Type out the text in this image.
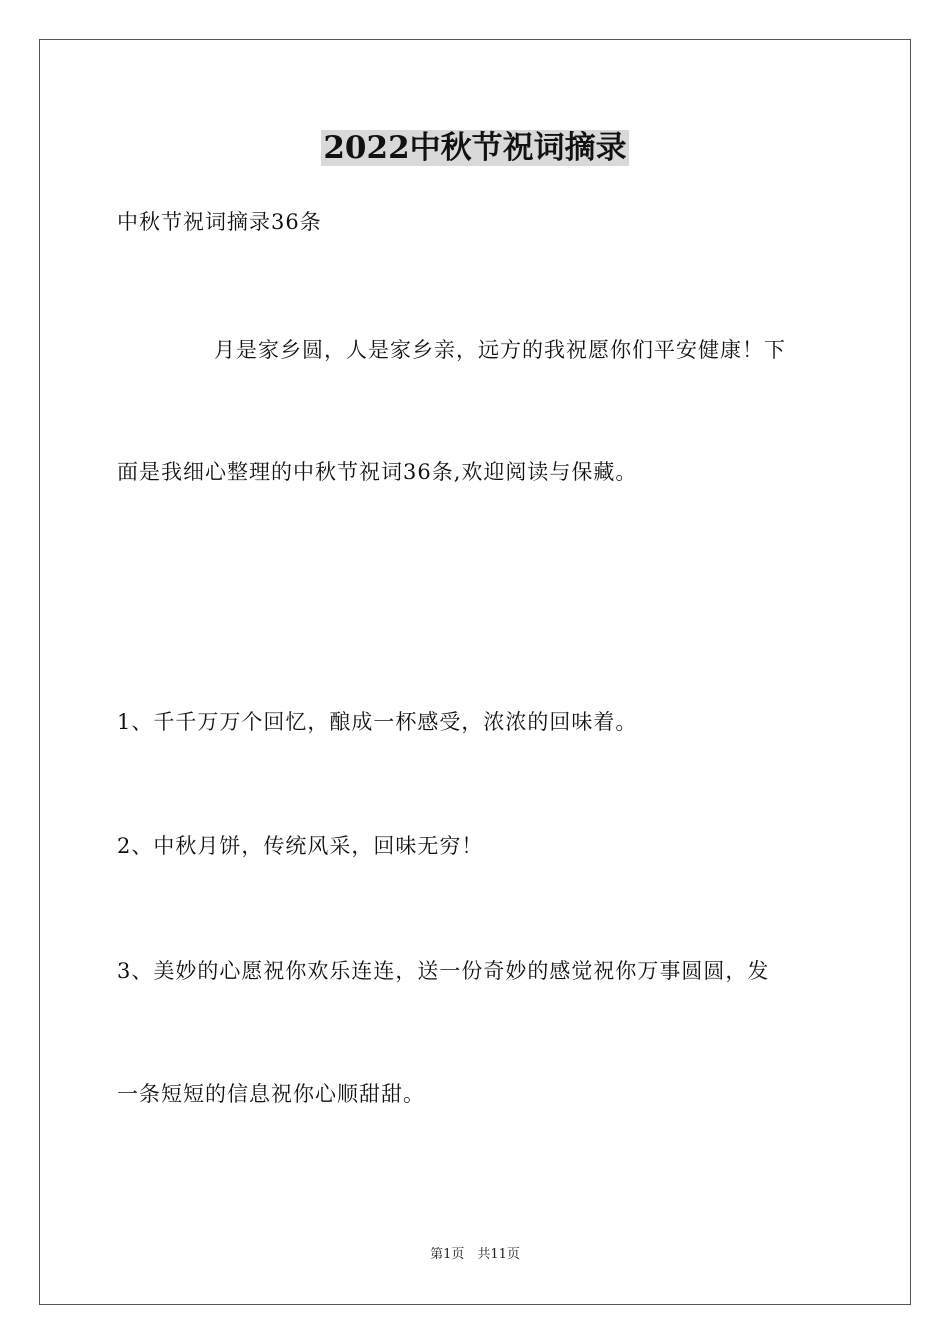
2022中秋节祝词摘录
中秋节祝词摘录36条
月是家乡圆，人是家乡亲，远方的我祝愿你们平安健康！下
面是我细心整理的中秋节祝词36条,欢迎阅读与保藏。
1、千千万万个回忆，酿成一杯感受，浓浓的回味着。
2、中秋月饼，传统风采，回味无穷！
3、美妙的心愿祝你欢乐连连，送一份奇妙的感觉祝你万事圆圆，发
一条短短的信息祝你心顺甜甜。
第1页　共11页
